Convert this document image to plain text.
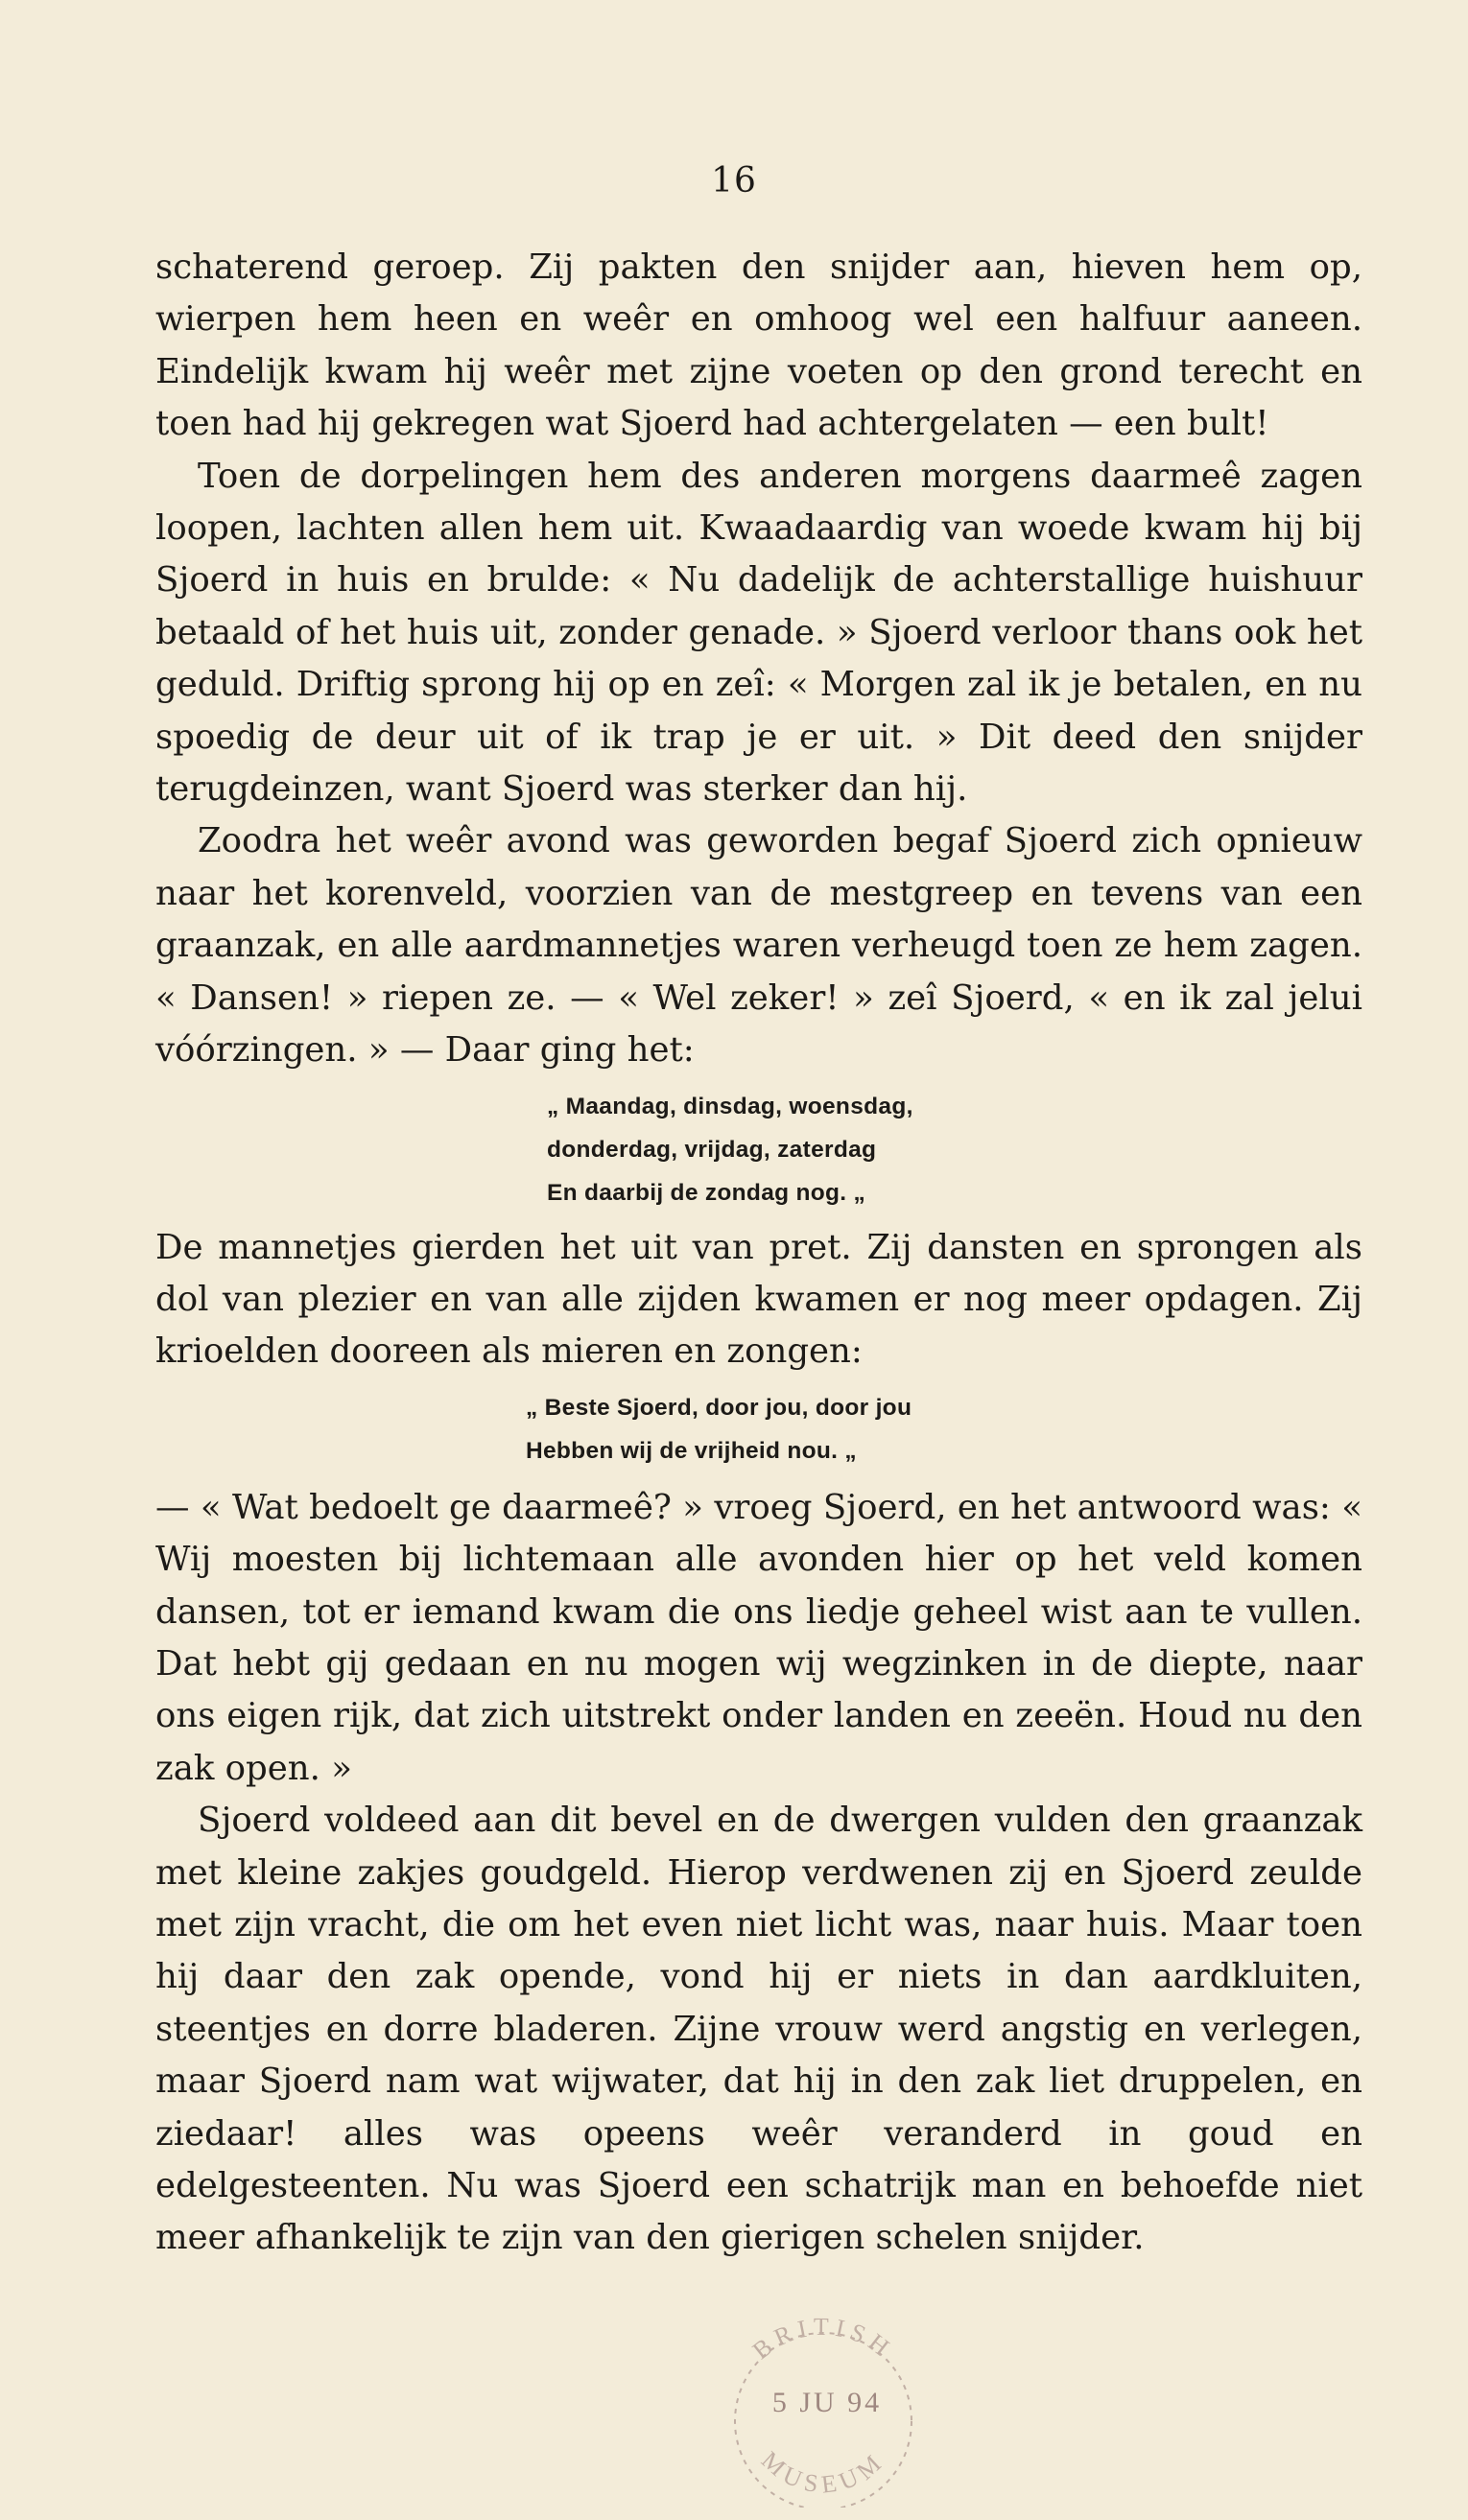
16

schaterend geroep. Zij pakten den snijder aan, hieven hem op, wierpen hem heen en weêr en omhoog wel een halfuur aaneen. Eindelijk kwam hij weêr met zijne voeten op den grond terecht en toen had hij gekregen wat Sjoerd had achtergelaten — een bult!

Toen de dorpelingen hem des anderen morgens daarmeê zagen loopen, lachten allen hem uit. Kwaadaardig van woede kwam hij bij Sjoerd in huis en brulde: « Nu dadelijk de achterstallige huishuur betaald of het huis uit, zonder genade. » Sjoerd verloor thans ook het geduld. Driftig sprong hij op en zeî: « Morgen zal ik je betalen, en nu spoedig de deur uit of ik trap je er uit. » Dit deed den snijder terugdeinzen, want Sjoerd was sterker dan hij.

Zoodra het weêr avond was geworden begaf Sjoerd zich opnieuw naar het korenveld, voorzien van de mestgreep en tevens van een graanzak, en alle aardmannetjes waren verheugd toen ze hem zagen. « Dansen! » riepen ze. — « Wel zeker! » zeî Sjoerd, « en ik zal jelui vóórzingen. » — Daar ging het:

„ Maandag, dinsdag, woensdag,
donderdag, vrijdag, zaterdag
En daarbij de zondag nog. „

De mannetjes gierden het uit van pret. Zij dansten en sprongen als dol van plezier en van alle zijden kwamen er nog meer opdagen. Zij krioelden dooreen als mieren en zongen:

„ Beste Sjoerd, door jou, door jou
Hebben wij de vrijheid nou. „

— « Wat bedoelt ge daarmeê? » vroeg Sjoerd, en het antwoord was: « Wij moesten bij lichtemaan alle avonden hier op het veld komen dansen, tot er iemand kwam die ons liedje geheel wist aan te vullen. Dat hebt gij gedaan en nu mogen wij wegzinken in de diepte, naar ons eigen rijk, dat zich uitstrekt onder landen en zeeën. Houd nu den zak open. »

Sjoerd voldeed aan dit bevel en de dwergen vulden den graanzak met kleine zakjes goudgeld. Hierop verdwenen zij en Sjoerd zeulde met zijn vracht, die om het even niet licht was, naar huis. Maar toen hij daar den zak opende, vond hij er niets in dan aardkluiten, steentjes en dorre bladeren. Zijne vrouw werd angstig en verlegen, maar Sjoerd nam wat wijwater, dat hij in den zak liet druppelen, en ziedaar! alles was opeens weêr veranderd in goud en edelgesteenten. Nu was Sjoerd een schatrijk man en behoefde niet meer afhankelijk te zijn van den gierigen schelen snijder.

BRITISH
MUSEUM
5 JU 94
